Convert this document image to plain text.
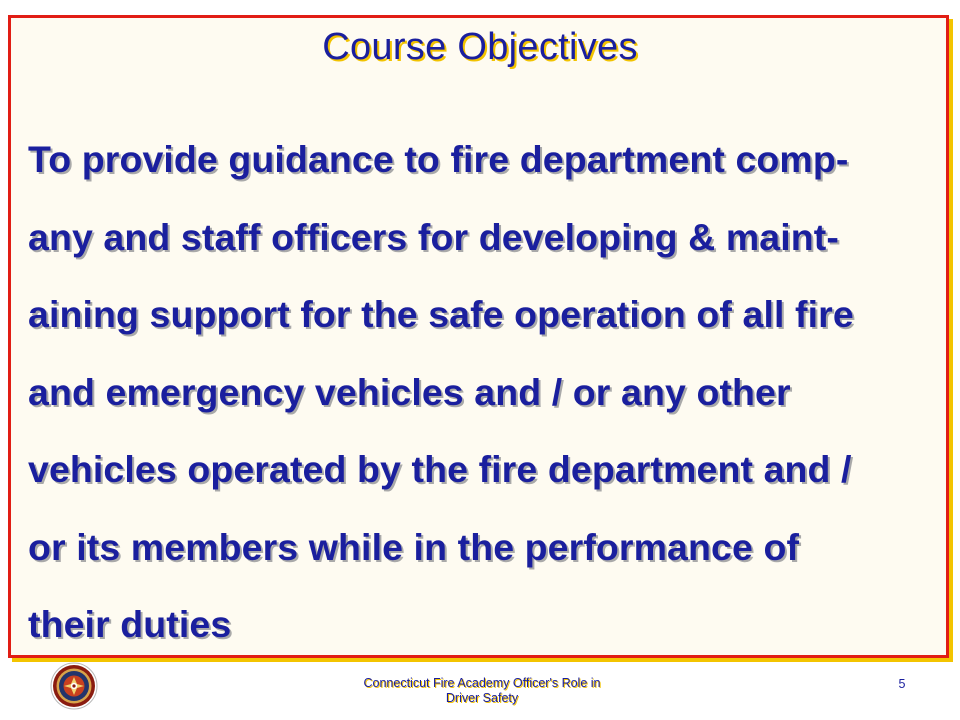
Course Objectives
To provide guidance to fire department comp-
any and staff officers for developing & maint-
aining support for the safe operation of all fire
and emergency vehicles and / or any other
vehicles operated by the fire department and /
or its members while in the performance of
their duties
Connecticut Fire Academy Officer's Role in
Driver Safety
5
